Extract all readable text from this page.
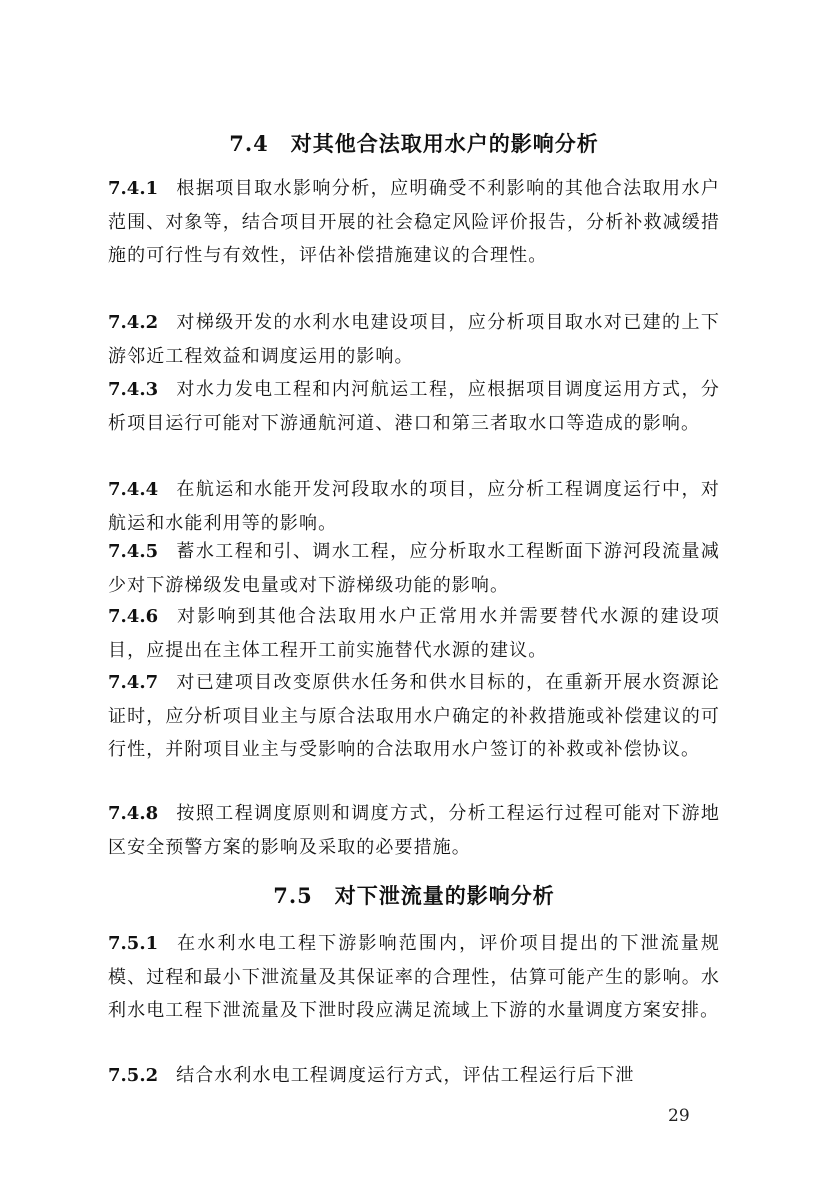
7.4 对其他合法取用水户的影响分析
7.4.1 根据项目取水影响分析，应明确受不利影响的其他合法取用水户范围、对象等，结合项目开展的社会稳定风险评价报告，分析补救减缓措施的可行性与有效性，评估补偿措施建议的合理性。
7.4.2 对梯级开发的水利水电建设项目，应分析项目取水对已建的上下游邻近工程效益和调度运用的影响。
7.4.3 对水力发电工程和内河航运工程，应根据项目调度运用方式，分析项目运行可能对下游通航河道、港口和第三者取水口等造成的影响。
7.4.4 在航运和水能开发河段取水的项目，应分析工程调度运行中，对航运和水能利用等的影响。
7.4.5 蓄水工程和引、调水工程，应分析取水工程断面下游河段流量减少对下游梯级发电量或对下游梯级功能的影响。
7.4.6 对影响到其他合法取用水户正常用水并需要替代水源的建设项目，应提出在主体工程开工前实施替代水源的建议。
7.4.7 对已建项目改变原供水任务和供水目标的，在重新开展水资源论证时，应分析项目业主与原合法取用水户确定的补救措施或补偿建议的可行性，并附项目业主与受影响的合法取用水户签订的补救或补偿协议。
7.4.8 按照工程调度原则和调度方式，分析工程运行过程可能对下游地区安全预警方案的影响及采取的必要措施。
7.5 对下泄流量的影响分析
7.5.1 在水利水电工程下游影响范围内，评价项目提出的下泄流量规模、过程和最小下泄流量及其保证率的合理性，估算可能产生的影响。水利水电工程下泄流量及下泄时段应满足流域上下游的水量调度方案安排。
7.5.2 结合水利水电工程调度运行方式，评估工程运行后下泄
29
